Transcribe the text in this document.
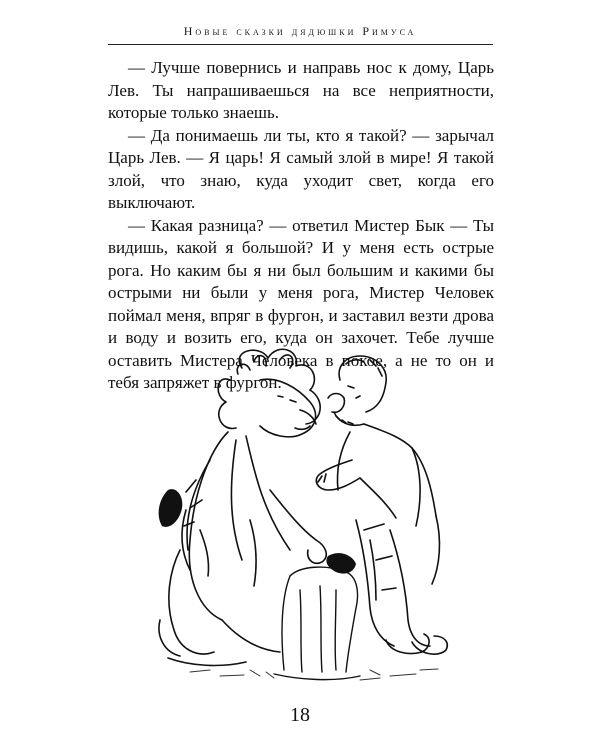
Новые сказки дядюшки Римуса

— Лучше повернись и направь нос к дому, Царь Лев. Ты напрашиваешься на все неприятности, которые только знаешь.

— Да понимаешь ли ты, кто я такой? — зарычал Царь Лев. — Я царь! Я самый злой в мире! Я такой злой, что знаю, куда уходит свет, когда его выключают.

— Какая разница? — ответил Мистер Бык — Ты видишь, какой я большой? И у меня есть острые рога. Но каким бы я ни был большим и какими бы острыми ни были у меня рога, Мистер Человек поймал меня, впряг в фургон, и заставил везти дрова и воду и возить его, куда он захочет. Тебе лучше оставить Мистера Человека в покое, а не то он и тебя запряжет в фургон.

18
